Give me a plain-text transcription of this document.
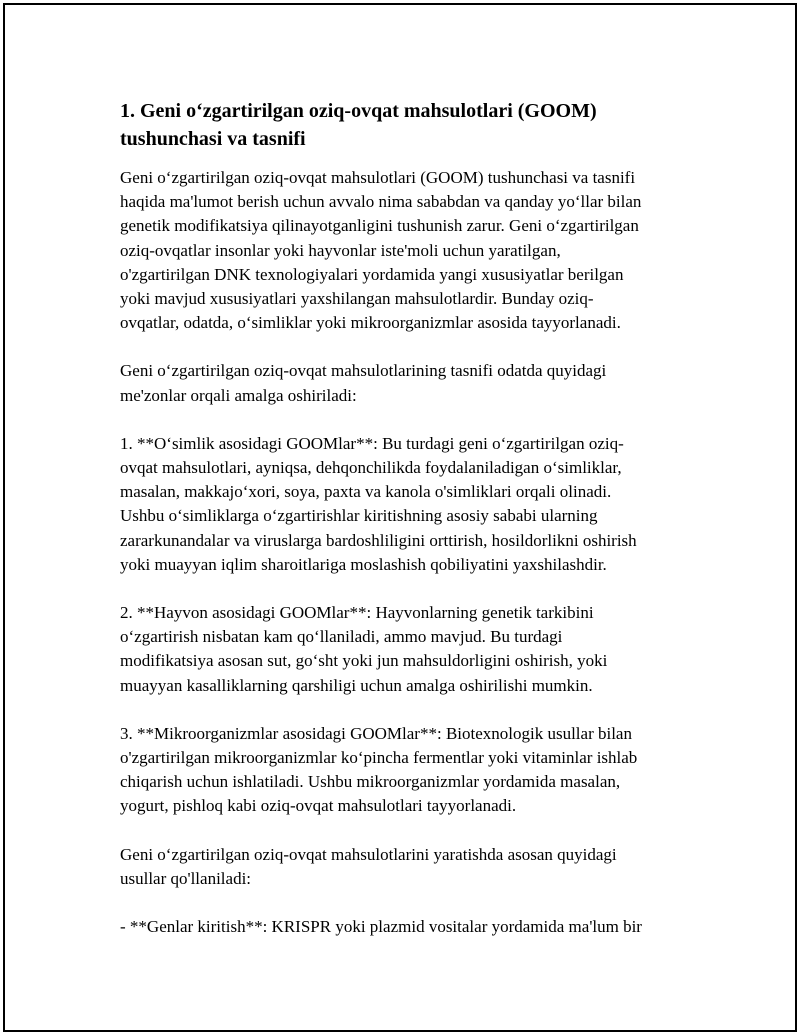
1. Geni o‘zgartirilgan oziq-ovqat mahsulotlari (GOOM)
tushunchasi va tasnifi
Geni o‘zgartirilgan oziq-ovqat mahsulotlari (GOOM) tushunchasi va tasnifi
haqida ma'lumot berish uchun avvalo nima sababdan va qanday yo‘llar bilan
genetik modifikatsiya qilinayotganligini tushunish zarur. Geni o‘zgartirilgan
oziq-ovqatlar insonlar yoki hayvonlar iste'moli uchun yaratilgan,
o'zgartirilgan DNK texnologiyalari yordamida yangi xususiyatlar berilgan
yoki mavjud xususiyatlari yaxshilangan mahsulotlardir. Bunday oziq-
ovqatlar, odatda, o‘simliklar yoki mikroorganizmlar asosida tayyorlanadi.
Geni o‘zgartirilgan oziq-ovqat mahsulotlarining tasnifi odatda quyidagi
me'zonlar orqali amalga oshiriladi:
1. **O‘simlik asosidagi GOOMlar**: Bu turdagi geni o‘zgartirilgan oziq-
ovqat mahsulotlari, ayniqsa, dehqonchilikda foydalaniladigan o‘simliklar,
masalan, makkajo‘xori, soya, paxta va kanola o'simliklari orqali olinadi.
Ushbu o‘simliklarga o‘zgartirishlar kiritishning asosiy sababi ularning
zararkunandalar va viruslarga bardoshliligini orttirish, hosildorlikni oshirish
yoki muayyan iqlim sharoitlariga moslashish qobiliyatini yaxshilashdir.
2. **Hayvon asosidagi GOOMlar**: Hayvonlarning genetik tarkibini
o‘zgartirish nisbatan kam qo‘llaniladi, ammo mavjud. Bu turdagi
modifikatsiya asosan sut, go‘sht yoki jun mahsuldorligini oshirish, yoki
muayyan kasalliklarning qarshiligi uchun amalga oshirilishi mumkin.
3. **Mikroorganizmlar asosidagi GOOMlar**: Biotexnologik usullar bilan
o'zgartirilgan mikroorganizmlar ko‘pincha fermentlar yoki vitaminlar ishlab
chiqarish uchun ishlatiladi. Ushbu mikroorganizmlar yordamida masalan,
yogurt, pishloq kabi oziq-ovqat mahsulotlari tayyorlanadi.
Geni o‘zgartirilgan oziq-ovqat mahsulotlarini yaratishda asosan quyidagi
usullar qo'llaniladi:
- **Genlar kiritish**: KRISPR yoki plazmid vositalar yordamida ma'lum bir
